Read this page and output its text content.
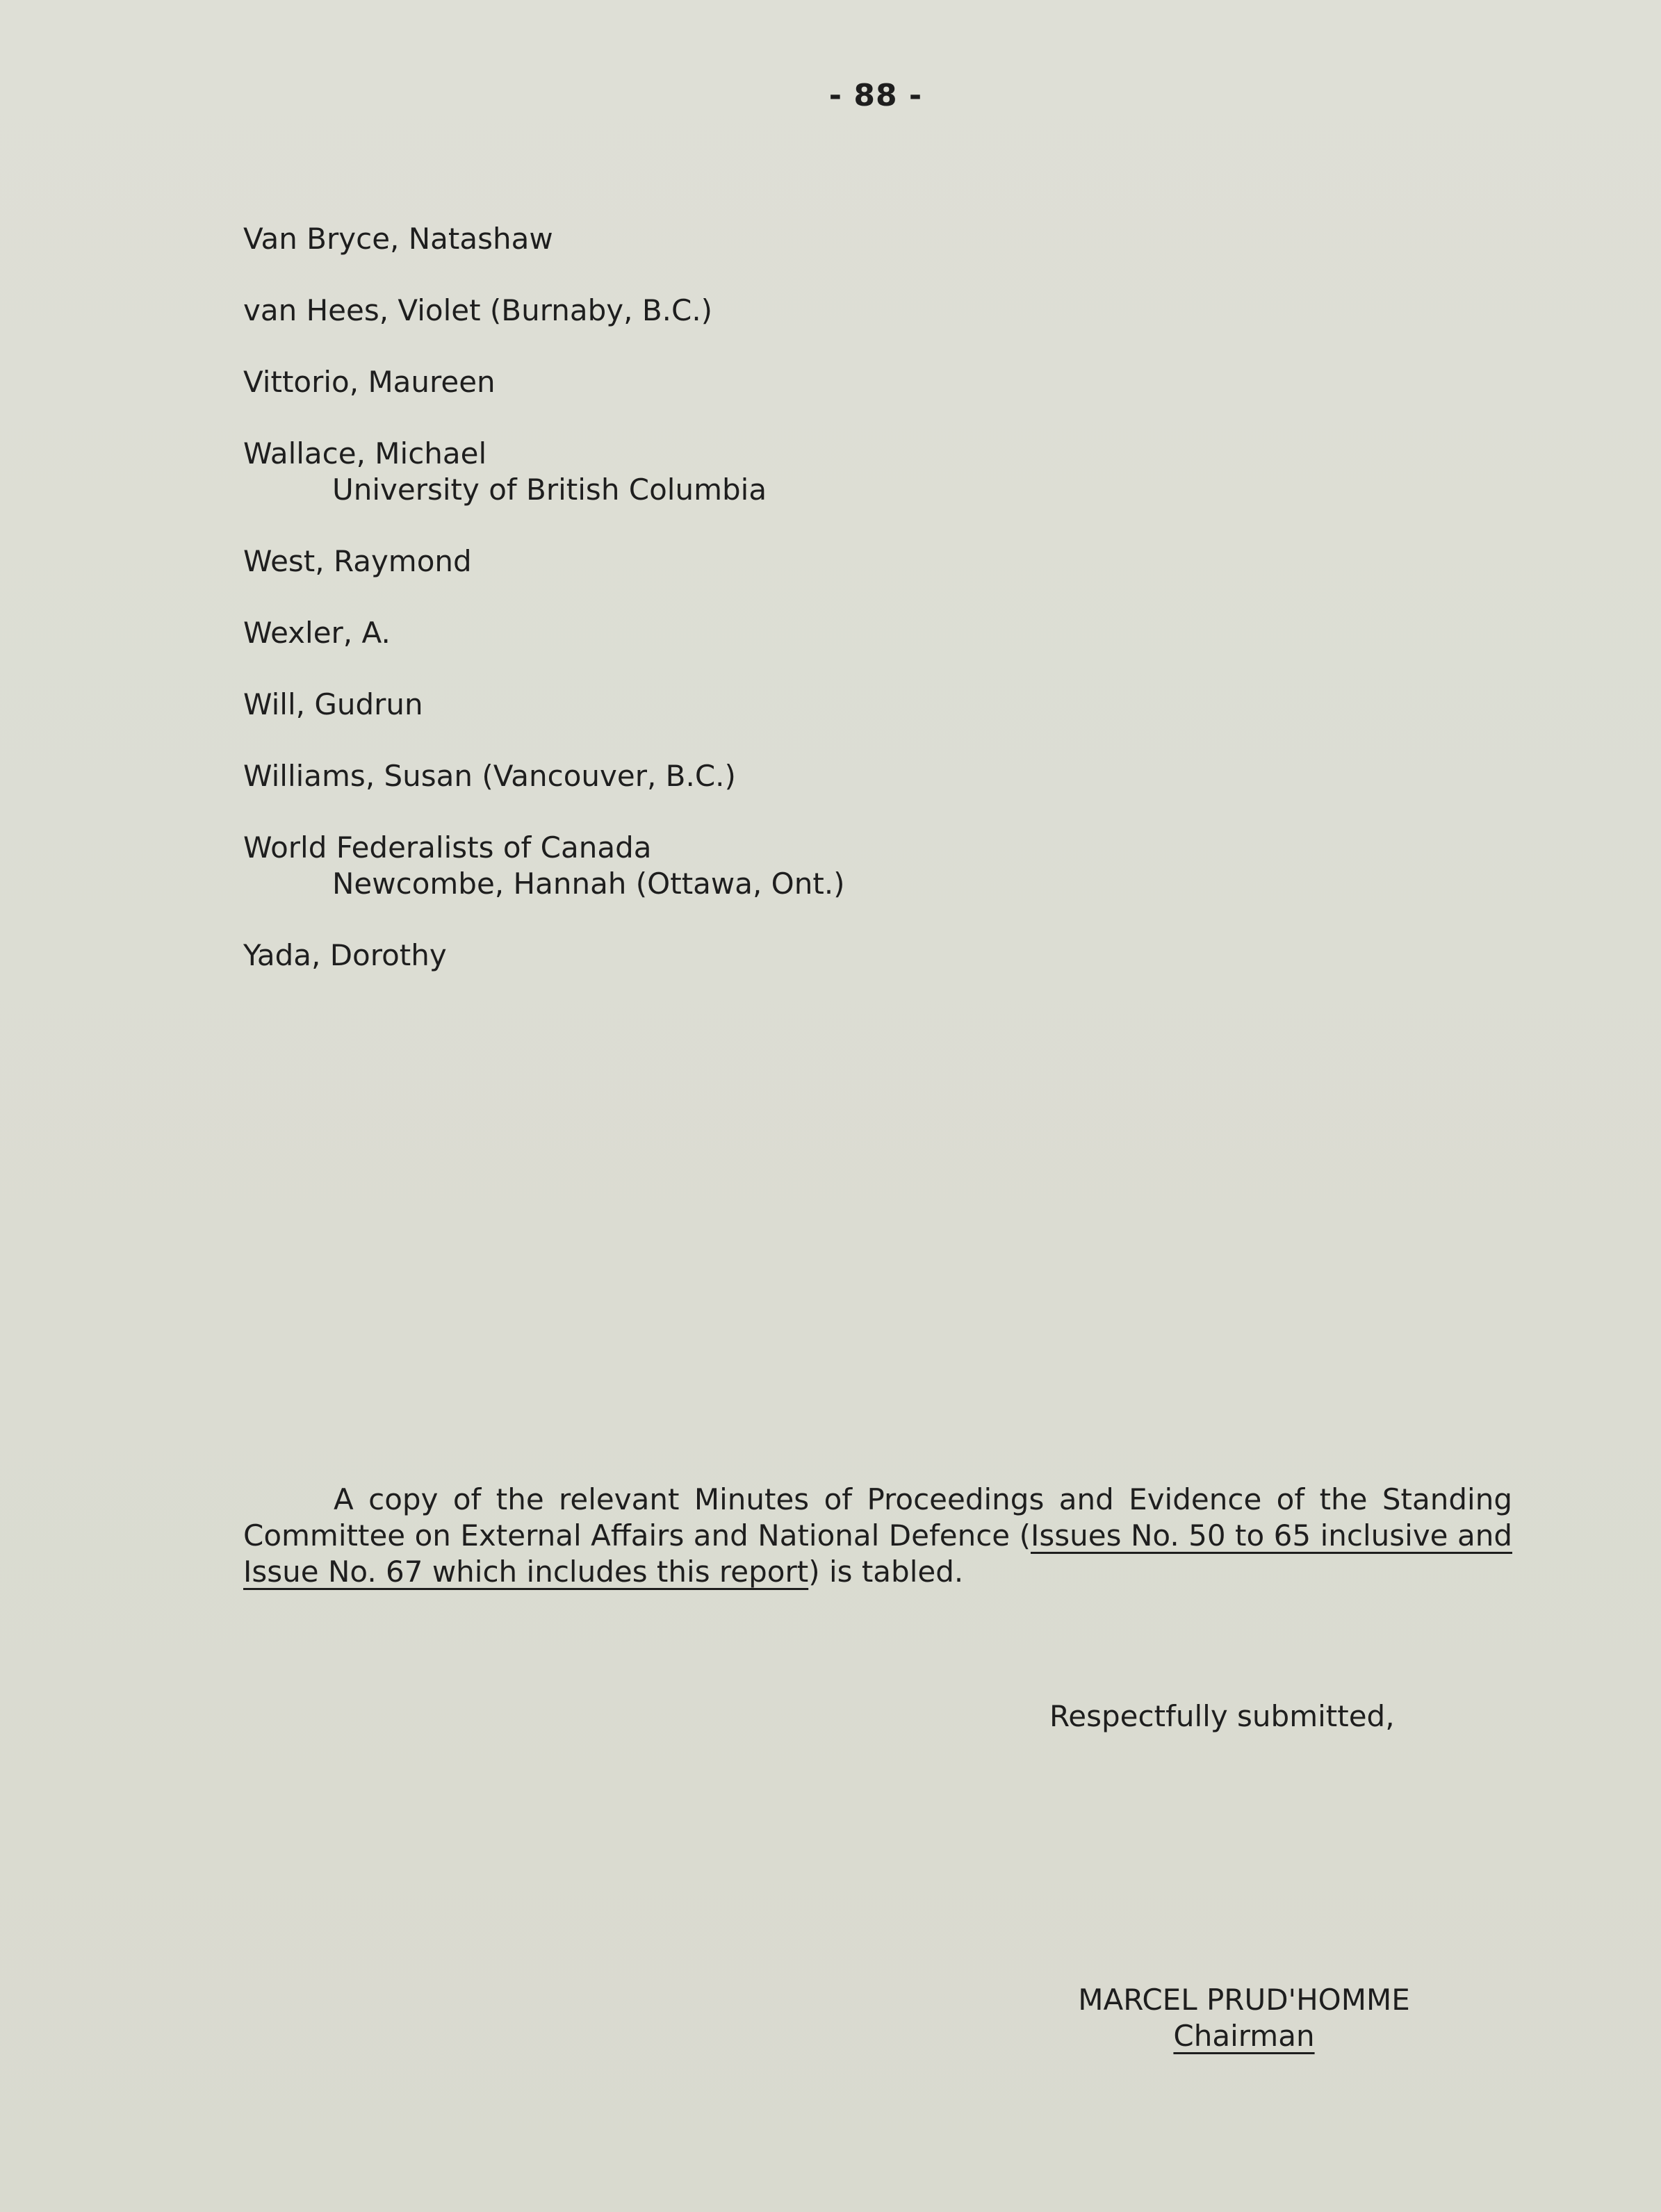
- 88 -
Van Bryce, Natashaw
van Hees, Violet (Burnaby, B.C.)
Vittorio, Maureen
Wallace, Michael
University of British Columbia
West, Raymond
Wexler, A.
Will, Gudrun
Williams, Susan (Vancouver, B.C.)
World Federalists of Canada
Newcombe, Hannah (Ottawa, Ont.)
Yada, Dorothy

A copy of the relevant Minutes of Proceedings and Evidence of the Standing Committee on External Affairs and National Defence (Issues No. 50 to 65 inclusive and Issue No. 67 which includes this report) is tabled.

Respectfully submitted,

MARCEL PRUD'HOMME
Chairman
